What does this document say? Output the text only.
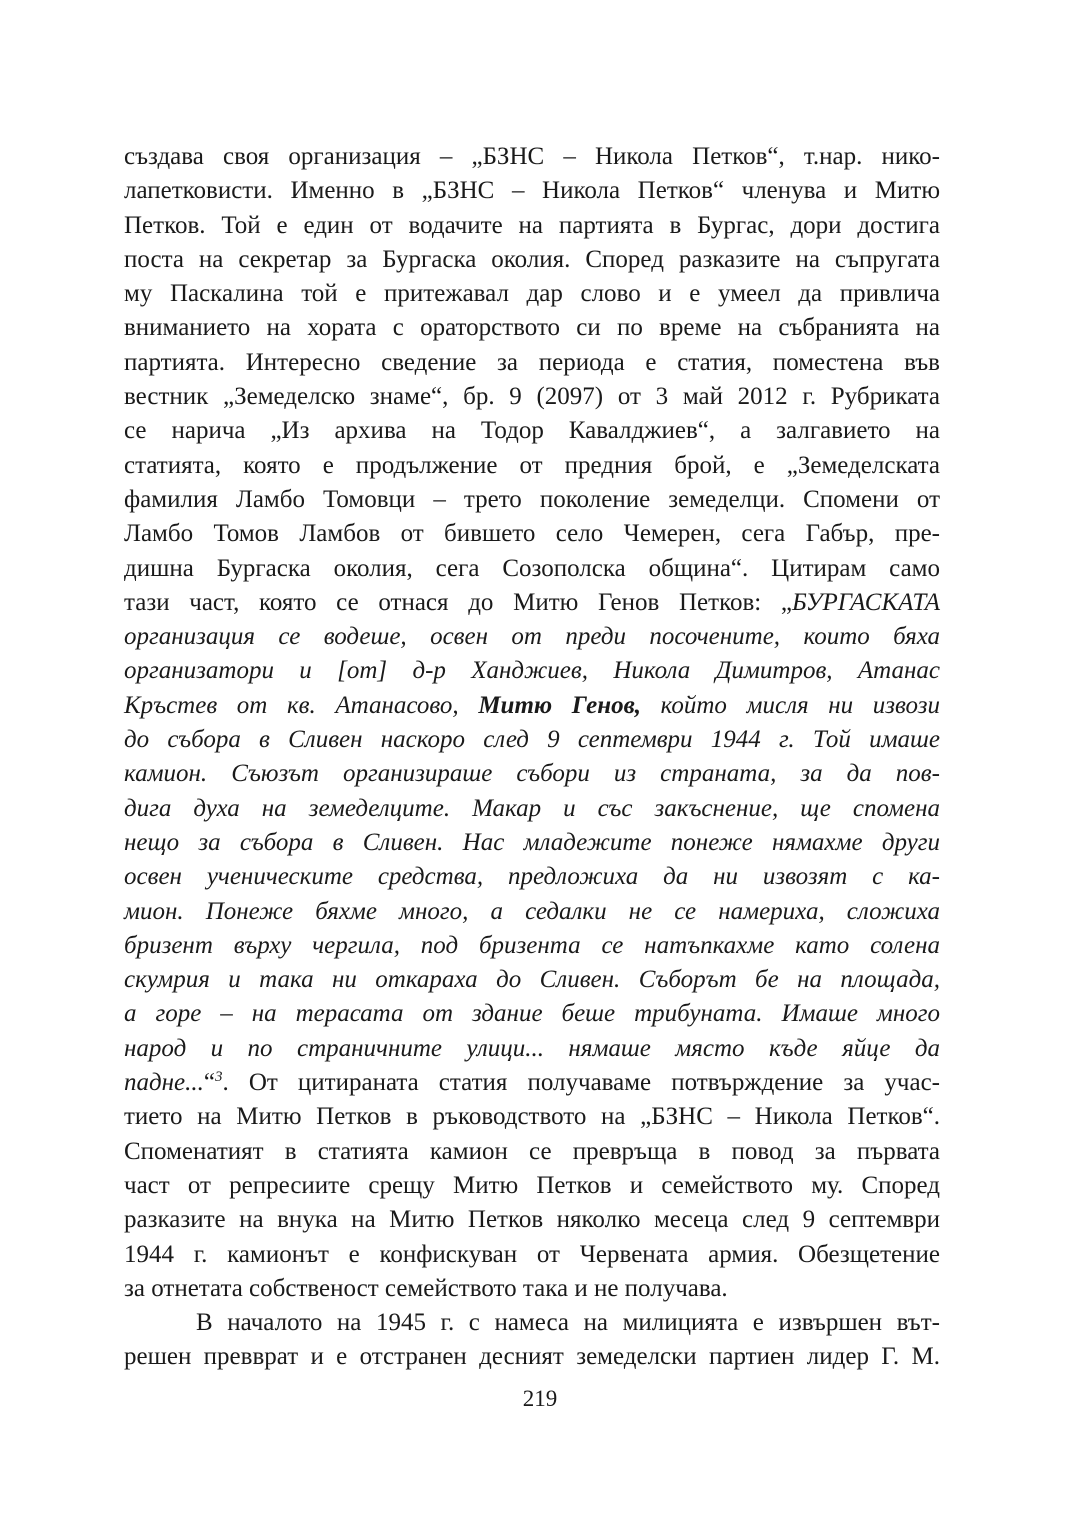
създава своя организация – „БЗНС – Никола Петков“, т.нар. нико-
лапетковисти. Именно в „БЗНС – Никола Петков“ членува и Митю
Петков. Той е един от водачите на партията в Бургас, дори достига
поста на секретар за Бургаска околия. Според разказите на съпругата
му Паскалина той е притежавал дар слово и е умеел да привлича
вниманието на хората с ораторството си по време на събранията на
партията. Интересно сведение за периода е статия, поместена във
вестник „Земеделско знаме“, бр. 9 (2097) от 3 май 2012 г. Рубриката
се нарича „Из архива на Тодор Кавалджиев“, а залгавието на
статията, която е продължение от предния брой, е „Земеделската
фамилия Ламбо Томовци – трето поколение земеделци. Спомени от
Ламбо Томов Ламбов от бившето село Чемерен, сега Габър, пре-
дишна Бургаска околия, сега Созополска община“. Цитирам само
тази част, която се отнася до Митю Генов Петков: „БУРГАСКАТА
организация се водеше, освен от преди посочените, които бяха
организатори и [от] д-р Ханджиев, Никола Димитров, Атанас
Кръстев от кв. Атанасово, Митю Генов, който мисля ни извози
до събора в Сливен наскоро след 9 септември 1944 г. Той имаше
камион. Съюзът организираше събори из страната, за да пов-
дига духа на земеделците. Макар и със закъснение, ще спомена
нещо за събора в Сливен. Нас младежите понеже нямахме други
освен ученическите средства, предложиха да ни извозят с ка-
мион. Понеже бяхме много, а седалки не се намериха, сложиха
бризент върху чергила, под бризента се натъпкахме като солена
скумрия и така ни откараха до Сливен. Съборът бе на площада,
а горе – на терасата от здание беше трибуната. Имаше много
народ и по страничните улици... нямаше място къде яйце да
падне...“$^3$. От цитираната статия получаваме потвърждение за учас-
тието на Митю Петков в ръководството на „БЗНС – Никола Петков“.
Споменатият в статията камион се превръща в повод за първата
част от репресиите срещу Митю Петков и семейството му. Според
разказите на внука на Митю Петков няколко месеца след 9 септември
1944 г. камионът е конфискуван от Червената армия. Обезщетение
за отнетата собственост семейството така и не получава.
В началото на 1945 г. с намеса на милицията е извършен вът-
решен превврат и е отстранен десният земеделски партиен лидер Г. М.
219
